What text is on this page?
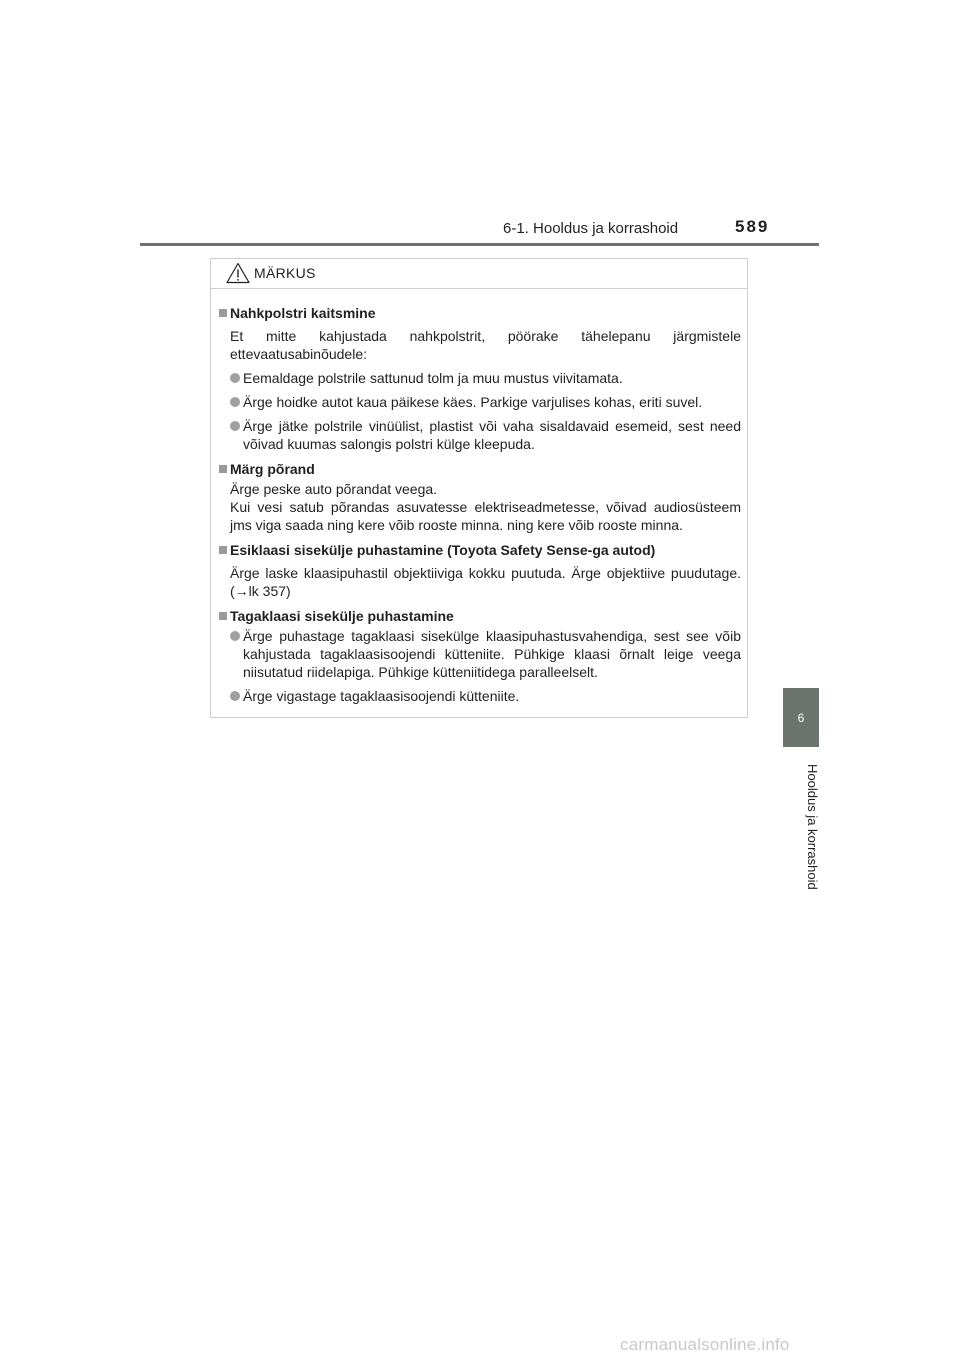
6-1. Hooldus ja korrashoid	589
6
Hooldus ja korrashoid
MÄRKUS
Nahkpolstri kaitsmine
Et mitte kahjustada nahkpolstrit, pöörake tähelepanu järgmistele ettevaatusabinõudele:
Eemaldage polstrile sattunud tolm ja muu mustus viivitamata.
Ärge hoidke autot kaua päikese käes. Parkige varjulises kohas, eriti suvel.
Ärge jätke polstrile vinüülist, plastist või vaha sisaldavaid esemeid, sest need võivad kuumas salongis polstri külge kleepuda.
Märg põrand
Ärge peske auto põrandat veega.
Kui vesi satub põrandas asuvatesse elektriseadmetesse, võivad audiosüsteem jms viga saada ning kere võib rooste minna. ning kere võib rooste minna.
Esiklaasi sisekülje puhastamine (Toyota Safety Sense-ga autod)
Ärge laske klaasipuhastil objektiiviga kokku puutuda. Ärge objektiive puudutage. (→lk 357)
Tagaklaasi sisekülje puhastamine
Ärge puhastage tagaklaasi sisekülge klaasipuhastusvahendiga, sest see võib kahjustada tagaklaasisoojendi kütteniite. Pühkige klaasi õrnalt leige veega niisutatud riidelapiga. Pühkige kütteniitidega paralleelselt.
Ärge vigastage tagaklaasisoojendi kütteniite.
carmanualsonline.info
